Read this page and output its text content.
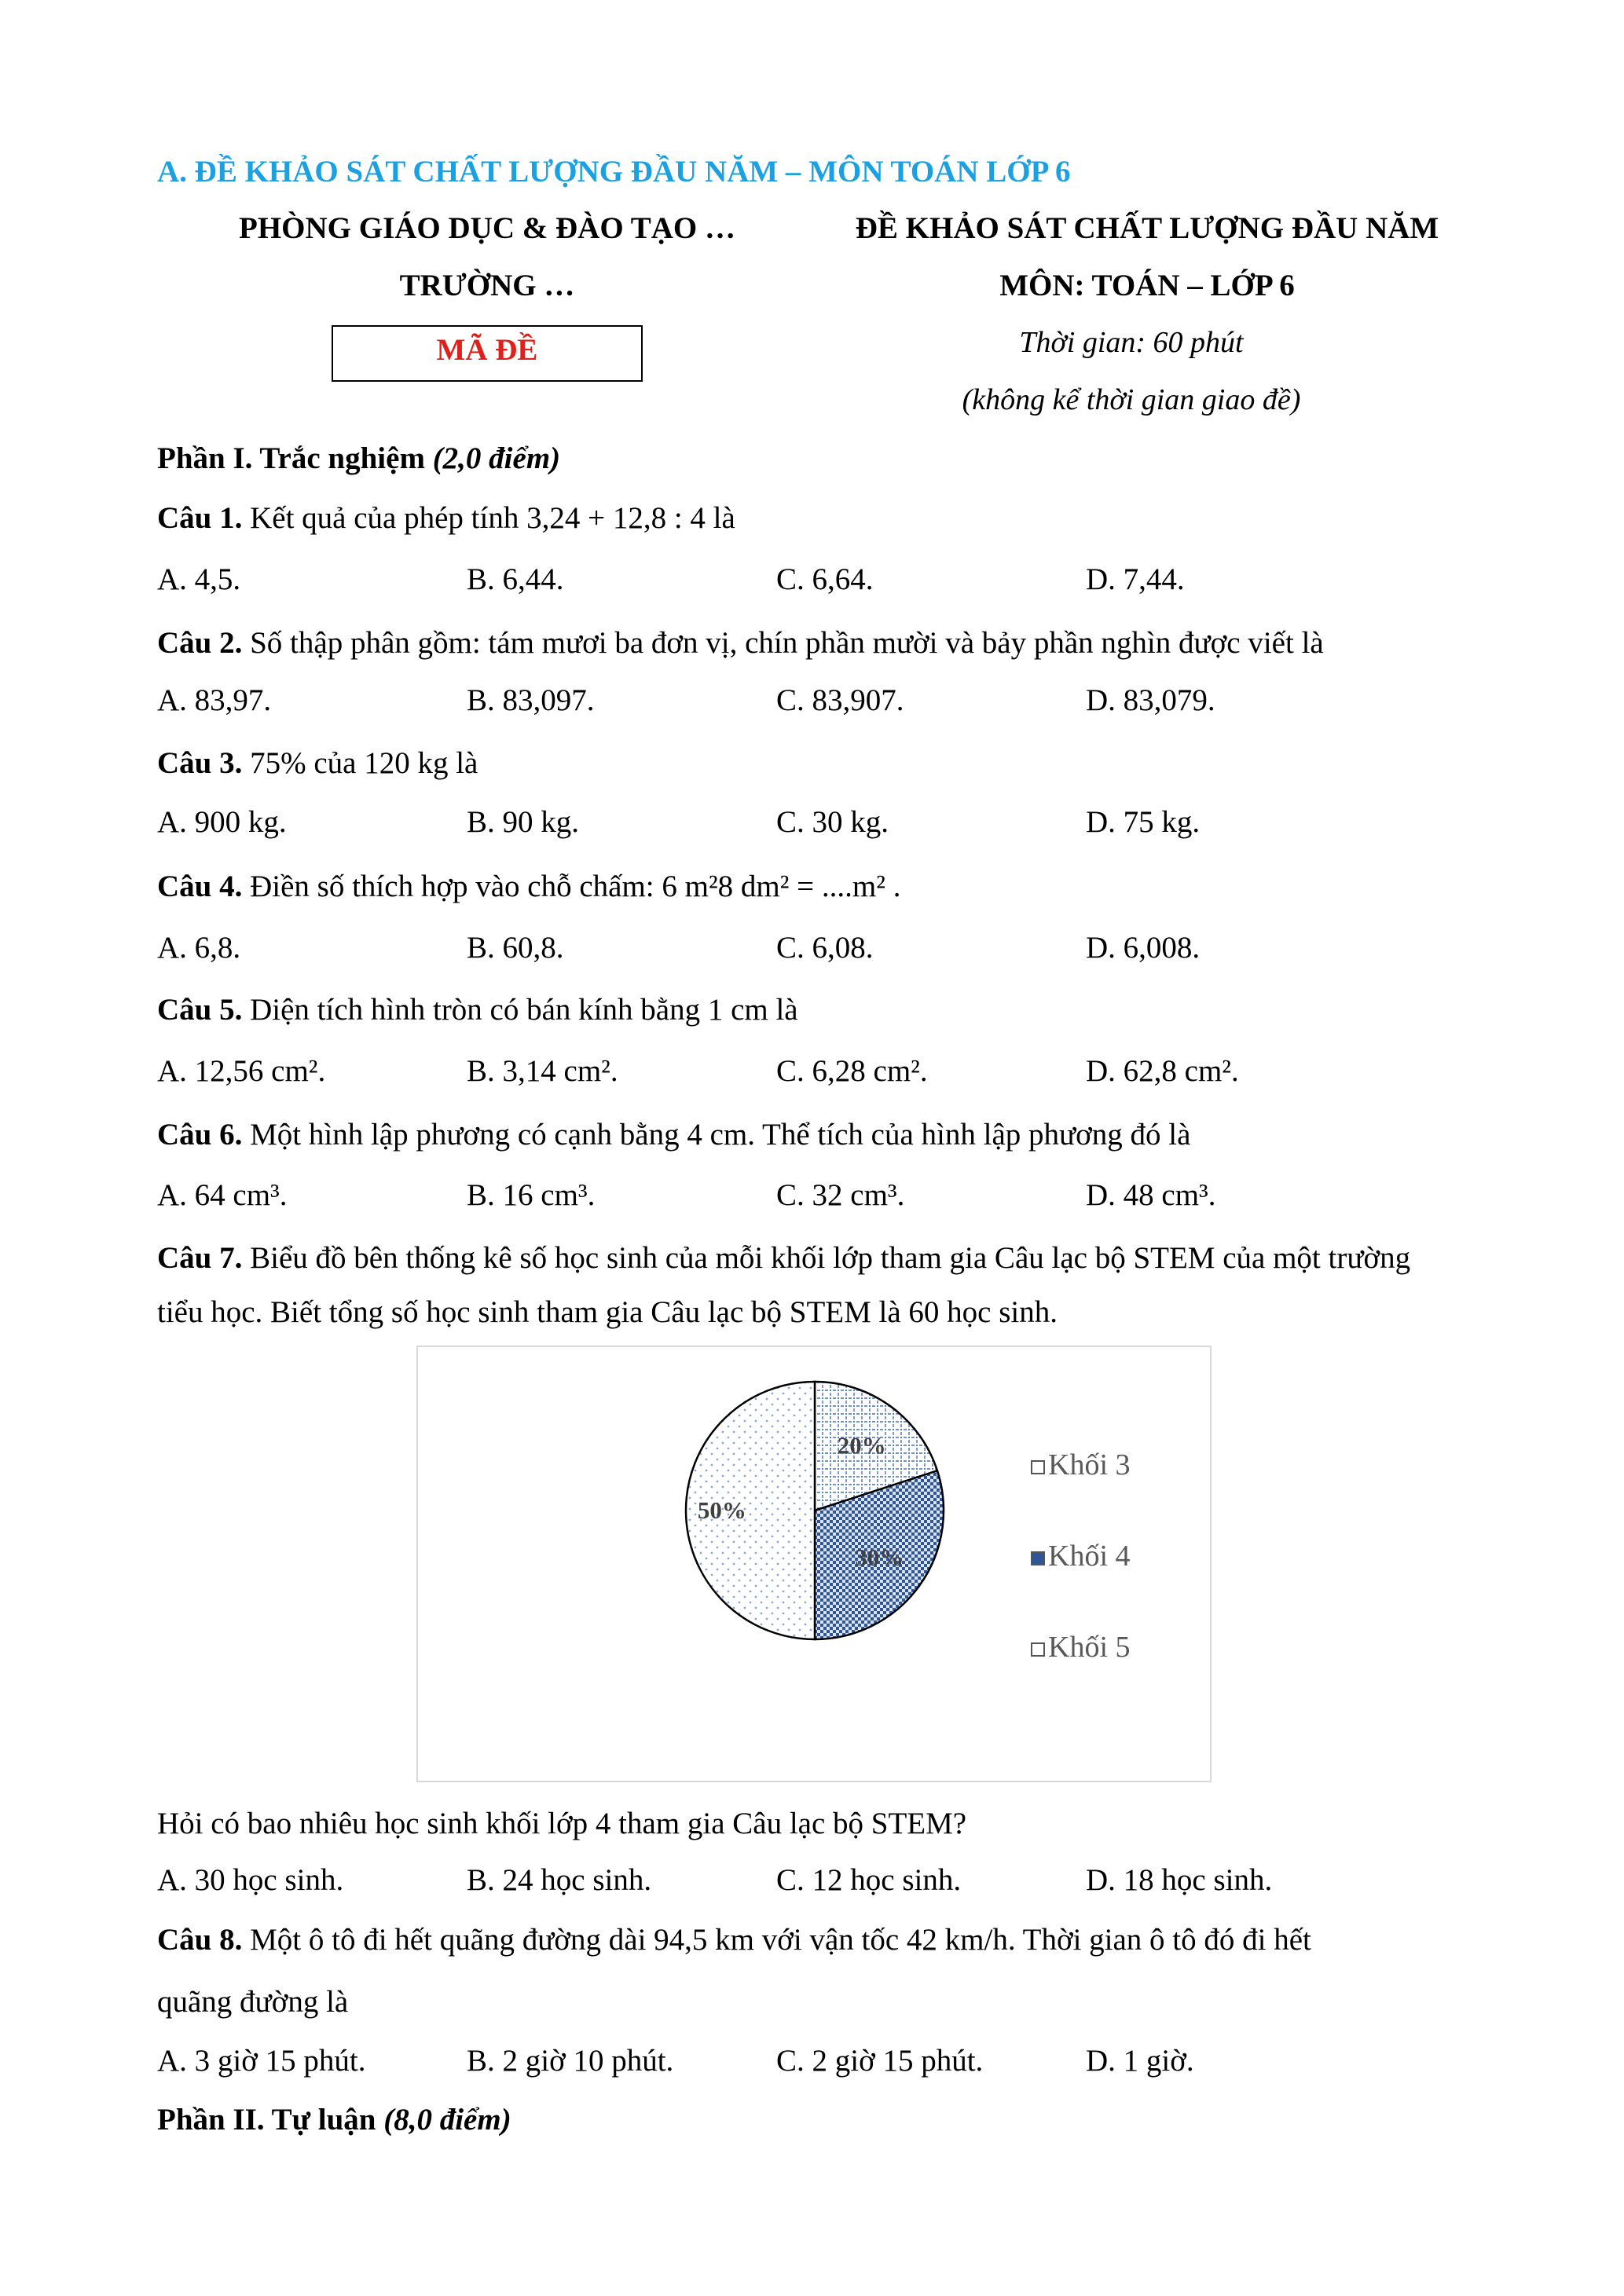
A. ĐỀ KHẢO SÁT CHẤT LƯỢNG ĐẦU NĂM – MÔN TOÁN LỚP 6
PHÒNG GIÁO DỤC & ĐÀO TẠO …
TRƯỜNG …
MÃ ĐỀ
ĐỀ KHẢO SÁT CHẤT LƯỢNG ĐẦU NĂM
MÔN: TOÁN – LỚP 6
Thời gian: 60 phút
(không kể thời gian giao đề)
Phần I. Trắc nghiệm (2,0 điểm)
Câu 1. Kết quả của phép tính 3,24 + 12,8 : 4 là
A. 4,5.	B. 6,44.	C. 6,64.	D. 7,44.
Câu 2. Số thập phân gồm: tám mươi ba đơn vị, chín phần mười và bảy phần nghìn được viết là
A. 83,97.	B. 83,097.	C. 83,907.	D. 83,079.
Câu 3. 75% của 120 kg là
A. 900 kg.	B. 90 kg.	C. 30 kg.	D. 75 kg.
Câu 4. Điền số thích hợp vào chỗ chấm: 6 m²8 dm² = ....m² .
A. 6,8.	B. 60,8.	C. 6,08.	D. 6,008.
Câu 5. Diện tích hình tròn có bán kính bằng 1 cm là
A. 12,56 cm².	B. 3,14 cm².	C. 6,28 cm².	D. 62,8 cm².
Câu 6. Một hình lập phương có cạnh bằng 4 cm. Thể tích của hình lập phương đó là
A. 64 cm³.	B. 16 cm³.	C. 32 cm³.	D. 48 cm³.
Câu 7. Biểu đồ bên thống kê số học sinh của mỗi khối lớp tham gia Câu lạc bộ STEM của một trường
tiểu học. Biết tổng số học sinh tham gia Câu lạc bộ STEM là 60 học sinh.
20%
30%
50%
Khối 3
Khối 4
Khối 5
Hỏi có bao nhiêu học sinh khối lớp 4 tham gia Câu lạc bộ STEM?
A. 30 học sinh.	B. 24 học sinh.	C. 12 học sinh.	D. 18 học sinh.
Câu 8. Một ô tô đi hết quãng đường dài 94,5 km với vận tốc 42 km/h. Thời gian ô tô đó đi hết
quãng đường là
A. 3 giờ 15 phút.	B. 2 giờ 10 phút.	C. 2 giờ 15 phút.	D. 1 giờ.
Phần II. Tự luận (8,0 điểm)
